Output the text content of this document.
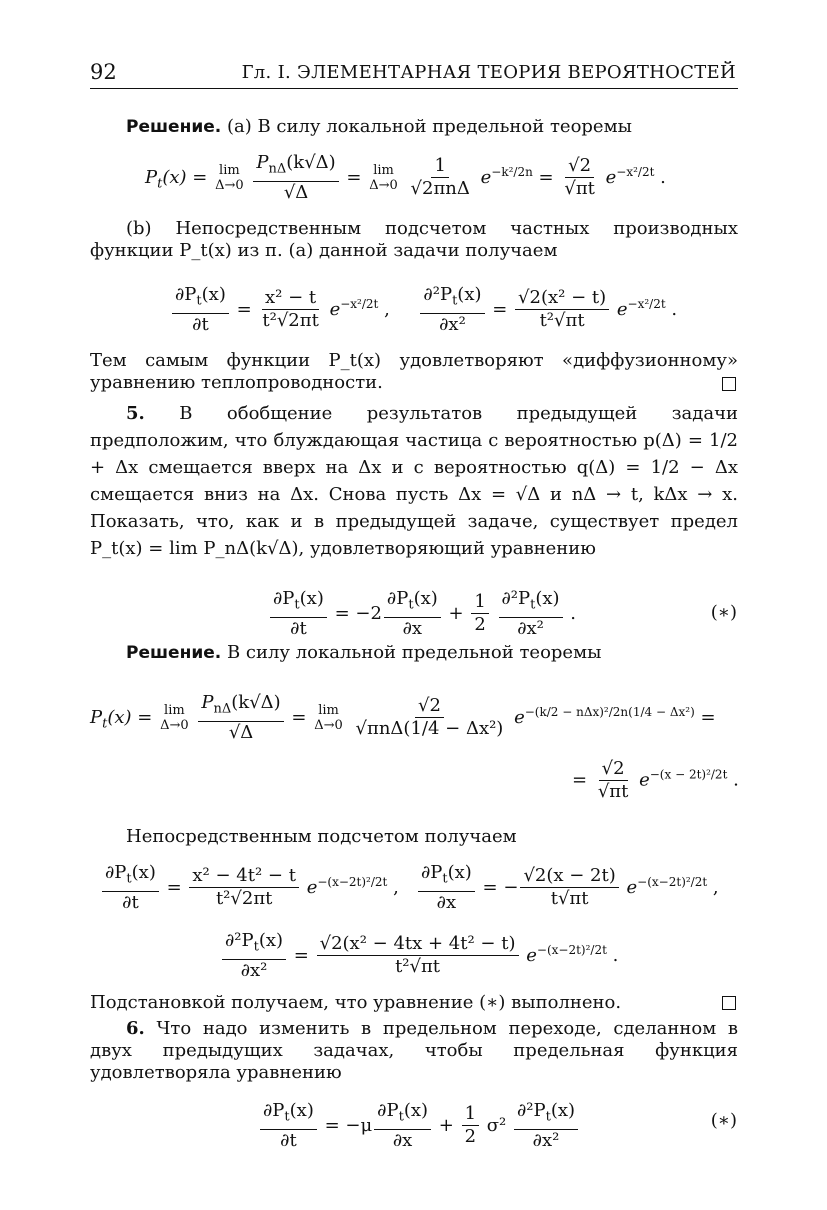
92	Гл. I. ЭЛЕМЕНТАРНАЯ ТЕОРИЯ ВЕРОЯТНОСТЕЙ
Решение. (a) В силу локальной предельной теоремы
$P_t(x) = \lim$
Δ→0
$\frac{P_{n\Delta}(k√\Delta)}{√\Delta} = \lim$
Δ→0
$\frac{1}{\text{√2πnΔ}} e^{-k^2/2n} = \frac{√2}{√\pi t} e^{-x^2/2t}$ .
(b) Непосредственным подсчетом частных производных функции P_t(x) из п. (a) данной задачи получаем
$\frac{\partial P_t(x)}{\partial t} = \frac{\text{x² − t}}{\text{t²√2πt}} e^{-x^2/2t}$ , $\frac{\partial^2P_t(x)}{\text{∂x²}} = \frac{\text{√2(x² − t)}}{\text{t²√πt}} e^{-x^2/2t}$ .
Тем самым функции P_t(x) удовлетворяют «диффузионному» уравнению теплопроводности.
5. В обобщение результатов предыдущей задачи предположим, что блуждающая частица с вероятностью p(Δ) = 1/2 + Δx смещается вверх на Δx и с вероятностью q(Δ) = 1/2 − Δx смещается вниз на Δx. Снова пусть Δx = √Δ и nΔ → t, kΔx → x. Показать, что, как и в предыдущей задаче, существует предел P_t(x) = lim P_nΔ(k√Δ), удовлетворяющий уравнению
$\frac{\partial P_t(x)}{\partial t} = -2 \frac{\partial P_t(x)}{\partial x} + \frac{1}{2}$
$\frac{\partial^2P_t(x)}{\text{∂x²}}$ .	(∗)
Решение. В силу локальной предельной теоремы
$P_t(x) = \lim$
Δ→0
$\frac{P_{n\Delta}(k√\Delta)}{√\Delta} = \lim$
Δ→0
$\frac{√2}{\text{√πnΔ(1/4 − Δx²)}} e^{-(k/2 - n\Delta x)^2/2n(1/4 - \Delta x^2)}$ =
= $\frac{√2}{√\pi t} e^{-(x - 2t)^2/2t}$ .
Непосредственным подсчетом получаем
$\frac{\partial P_t(x)}{\partial t} = \frac{\text{x² − 4t² − t}}{\text{t²√2πt}} e^{-(x-2t)^2/2t}$ , $\frac{\partial P_t(x)}{\partial x}$ = − $\frac{√2(x - 2t)}{t√\pi t} e^{-(x-2t)^2/2t}$ ,
$\frac{\partial^2P_t(x)}{\text{∂x²}} = \frac{\text{√2(x² − 4tx + 4t² − t)}}{\text{t²√πt}} e^{-(x-2t)^2/2t}$ .
Подстановкой получаем, что уравнение (∗) выполнено.
6. Что надо изменить в предельном переходе, сделанном в двух предыдущих задачах, чтобы предельная функция удовлетворяла уравнению
$\frac{\partial P_t(x)}{\partial t} = -\mu \frac{\partial P_t(x)}{\partial x} + \frac{1}{2} \sigma^2 \frac{\partial^2P_t(x)}{\text{∂x²}}$	(∗)
